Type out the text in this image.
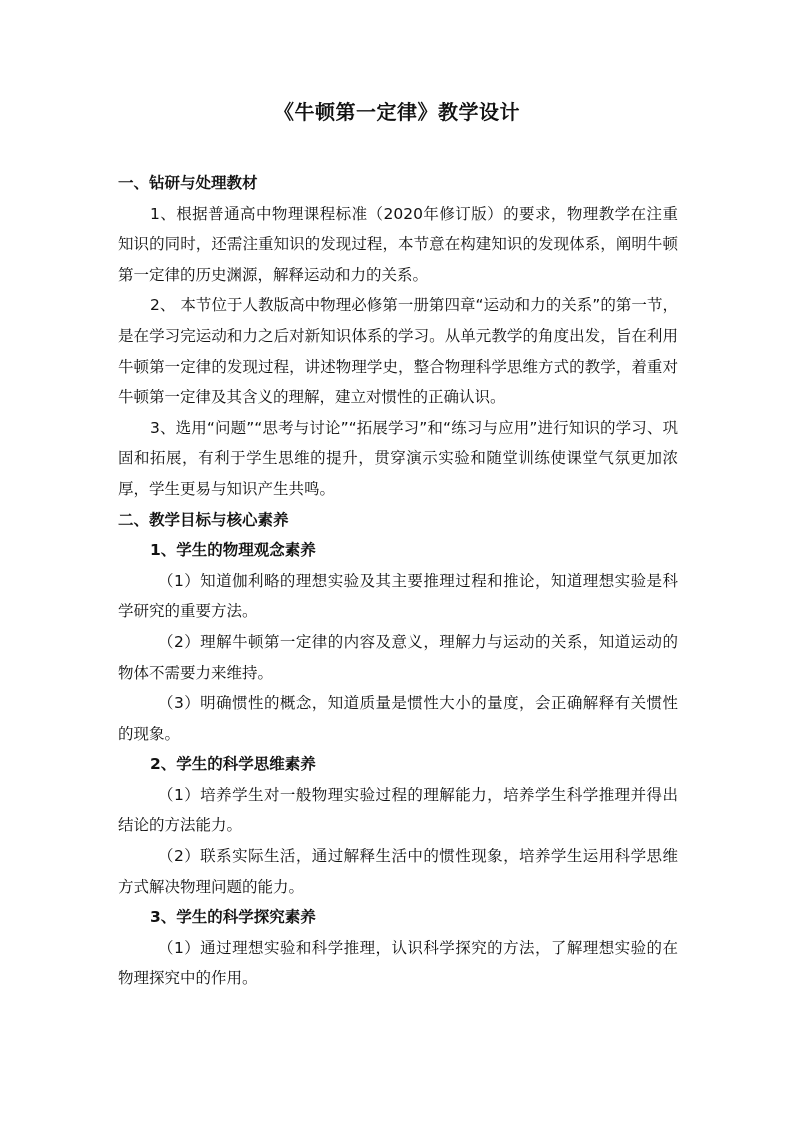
《牛顿第一定律》教学设计

一、钻研与处理教材

1、根据普通高中物理课程标准（2020年修订版）的要求，物理教学在注重知识的同时，还需注重知识的发现过程，本节意在构建知识的发现体系，阐明牛顿第一定律的历史渊源，解释运动和力的关系。

2、 本节位于人教版高中物理必修第一册第四章“运动和力的关系”的第一节，是在学习完运动和力之后对新知识体系的学习。从单元教学的角度出发，旨在利用牛顿第一定律的发现过程，讲述物理学史，整合物理科学思维方式的教学，着重对牛顿第一定律及其含义的理解，建立对惯性的正确认识。

3、选用“问题”“思考与讨论”“拓展学习”和“练习与应用”进行知识的学习、巩固和拓展，有利于学生思维的提升，贯穿演示实验和随堂训练使课堂气氛更加浓厚，学生更易与知识产生共鸣。

二、教学目标与核心素养

1、学生的物理观念素养

（1）知道伽利略的理想实验及其主要推理过程和推论，知道理想实验是科学研究的重要方法。

（2）理解牛顿第一定律的内容及意义，理解力与运动的关系，知道运动的物体不需要力来维持。

（3）明确惯性的概念，知道质量是惯性大小的量度，会正确解释有关惯性的现象。

2、学生的科学思维素养

（1）培养学生对一般物理实验过程的理解能力，培养学生科学推理并得出结论的方法能力。

（2）联系实际生活，通过解释生活中的惯性现象，培养学生运用科学思维方式解决物理问题的能力。

3、学生的科学探究素养

（1）通过理想实验和科学推理，认识科学探究的方法，了解理想实验的在物理探究中的作用。
